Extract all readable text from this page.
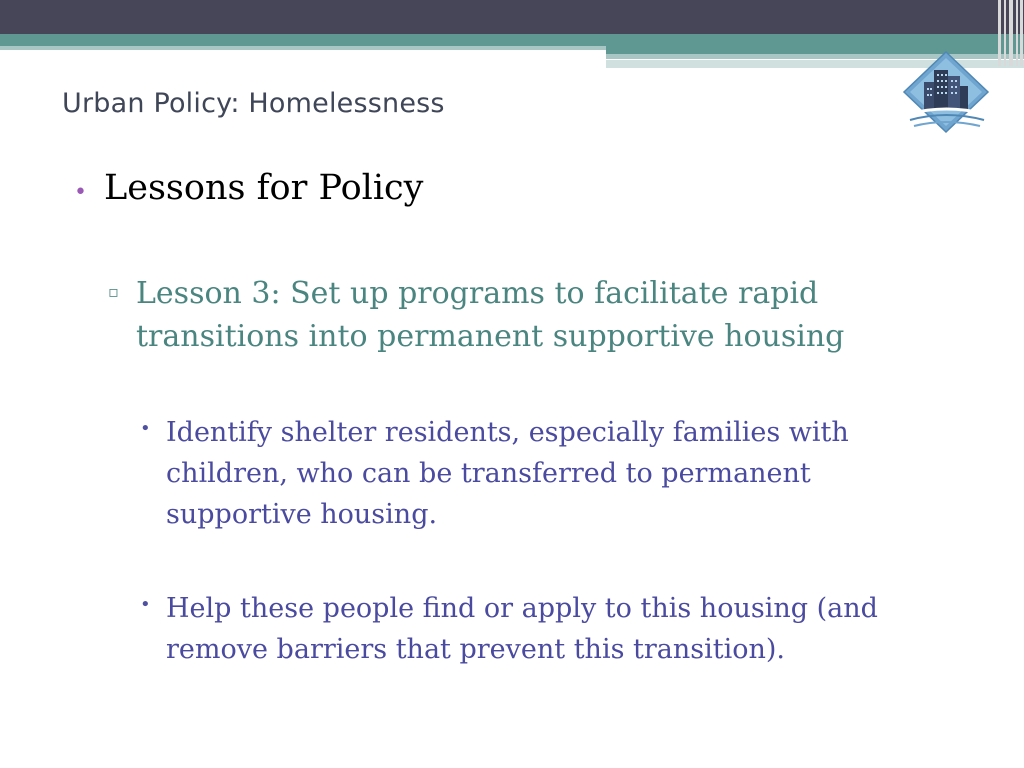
Urban Policy: Homelessness
• Lessons for Policy
▫ Lesson 3: Set up programs to facilitate rapid transitions into permanent supportive housing
• Identify shelter residents, especially families with children, who can be transferred to permanent supportive housing.
• Help these people find or apply to this housing (and remove barriers that prevent this transition).
